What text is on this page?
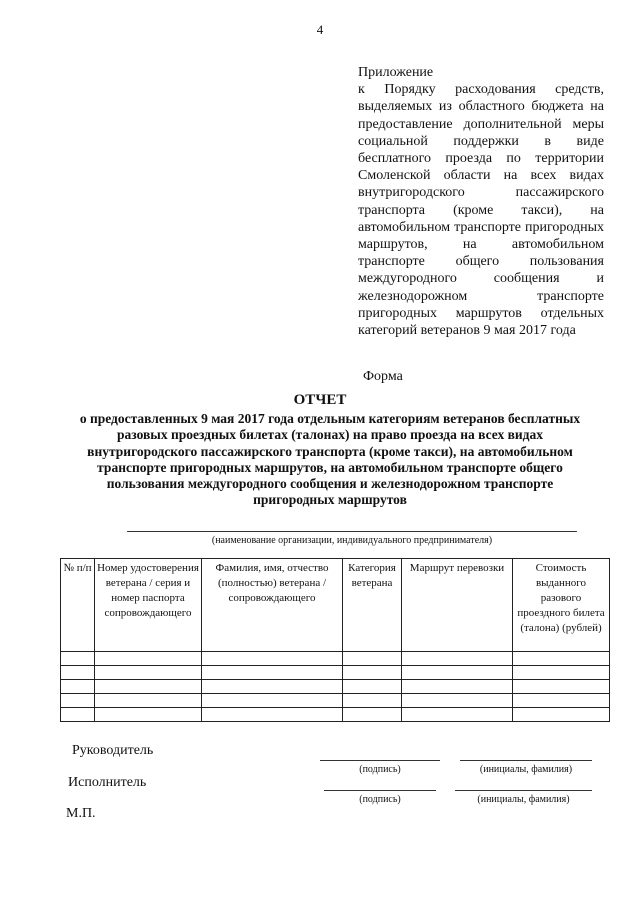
4
Приложение
к Порядку расходования средств, выделяемых из областного бюджета на предоставление дополнительной меры социальной поддержки в виде бесплатного проезда по территории Смоленской области на всех видах внутригородского пассажирского транспорта (кроме такси), на автомобильном транспорте пригородных маршрутов, на автомобильном транспорте общего пользования междугородного сообщения и железнодорожном транспорте пригородных маршрутов отдельных категорий ветеранов 9 мая 2017 года
Форма
ОТЧЕТ
о предоставленных 9 мая 2017 года отдельным категориям ветеранов бесплатных разовых проездных билетах (талонах) на право проезда на всех видах внутригородского пассажирского транспорта (кроме такси), на автомобильном транспорте пригородных маршрутов, на автомобильном транспорте общего пользования междугородного сообщения и железнодорожном транспорте пригородных маршрутов
(наименование организации, индивидуального предпринимателя)
№ п/п	Номер удостоверения ветерана / серия и номер паспорта сопровождающего	Фамилия, имя, отчество (полностью) ветерана / сопровождающего	Категория ветерана	Маршрут перевозки	Стоимость выданного разового проездного билета (талона) (рублей)

Руководитель
(подпись)	(инициалы, фамилия)
Исполнитель
(подпись)	(инициалы, фамилия)
М.П.
